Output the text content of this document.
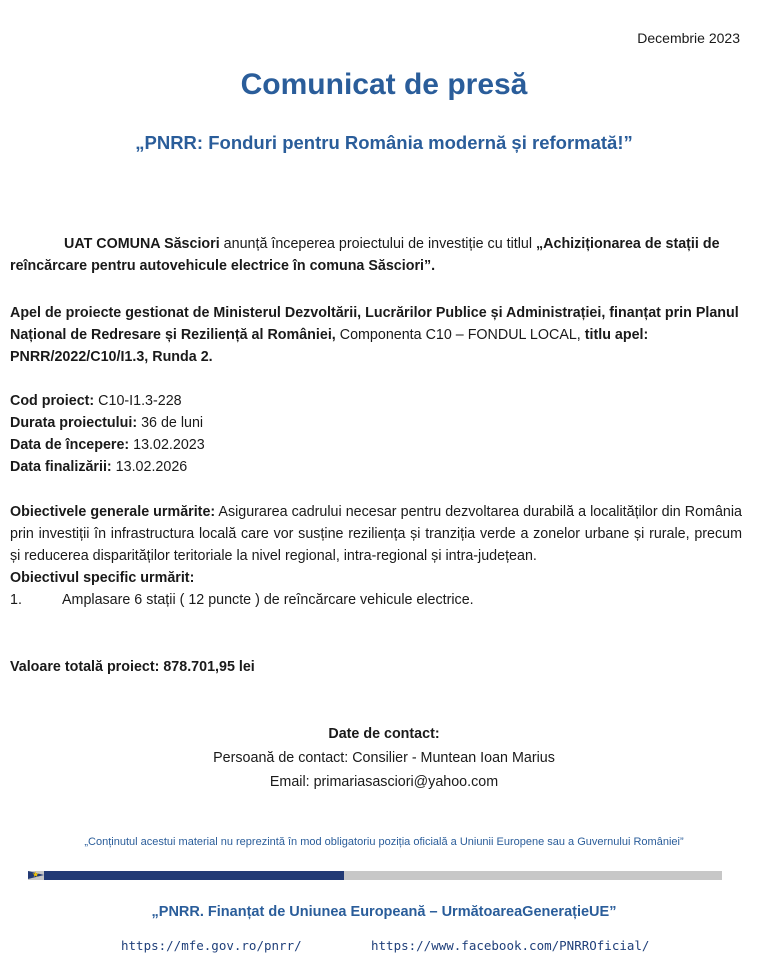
Decembrie 2023
Comunicat de presă
„PNRR: Fonduri pentru România modernă și reformată!”
UAT COMUNA Săsciori anunță începerea proiectului de investiție cu titlul „Achiziționarea de stații de reîncărcare pentru autovehicule electrice în comuna Săsciori”.
Apel de proiecte gestionat de Ministerul Dezvoltării, Lucrărilor Publice și Administrației, finanțat prin Planul Național de Redresare și Reziliență al României, Componenta C10 – FONDUL LOCAL, titlu apel: PNRR/2022/C10/I1.3, Runda 2.
Cod proiect: C10-I1.3-228
Durata proiectului: 36 de luni
Data de începere: 13.02.2023
Data finalizării: 13.02.2026
Obiectivele generale urmărite: Asigurarea cadrului necesar pentru dezvoltarea durabilă a localităților din România prin investiții în infrastructura locală care vor susține reziliența și tranziția verde a zonelor urbane și rurale, precum și reducerea disparităților teritoriale la nivel regional, intra-regional și intra-județean.
Obiectivul specific urmărit:
1.	Amplasare 6 stații ( 12 puncte ) de reîncărcare vehicule electrice.
Valoare totală proiect: 878.701,95 lei
Date de contact:
Persoană de contact: Consilier - Muntean Ioan Marius
Email: primariasasciori@yahoo.com
„Conținutul acestui material nu reprezintă în mod obligatoriu poziția oficială a Uniunii Europene sau a Guvernului României”
★
„PNRR. Finanțat de Uniunea Europeană – UrmătoareaGenerațieUE”
https://mfe.gov.ro/pnrr/	https://www.facebook.com/PNRROficial/
